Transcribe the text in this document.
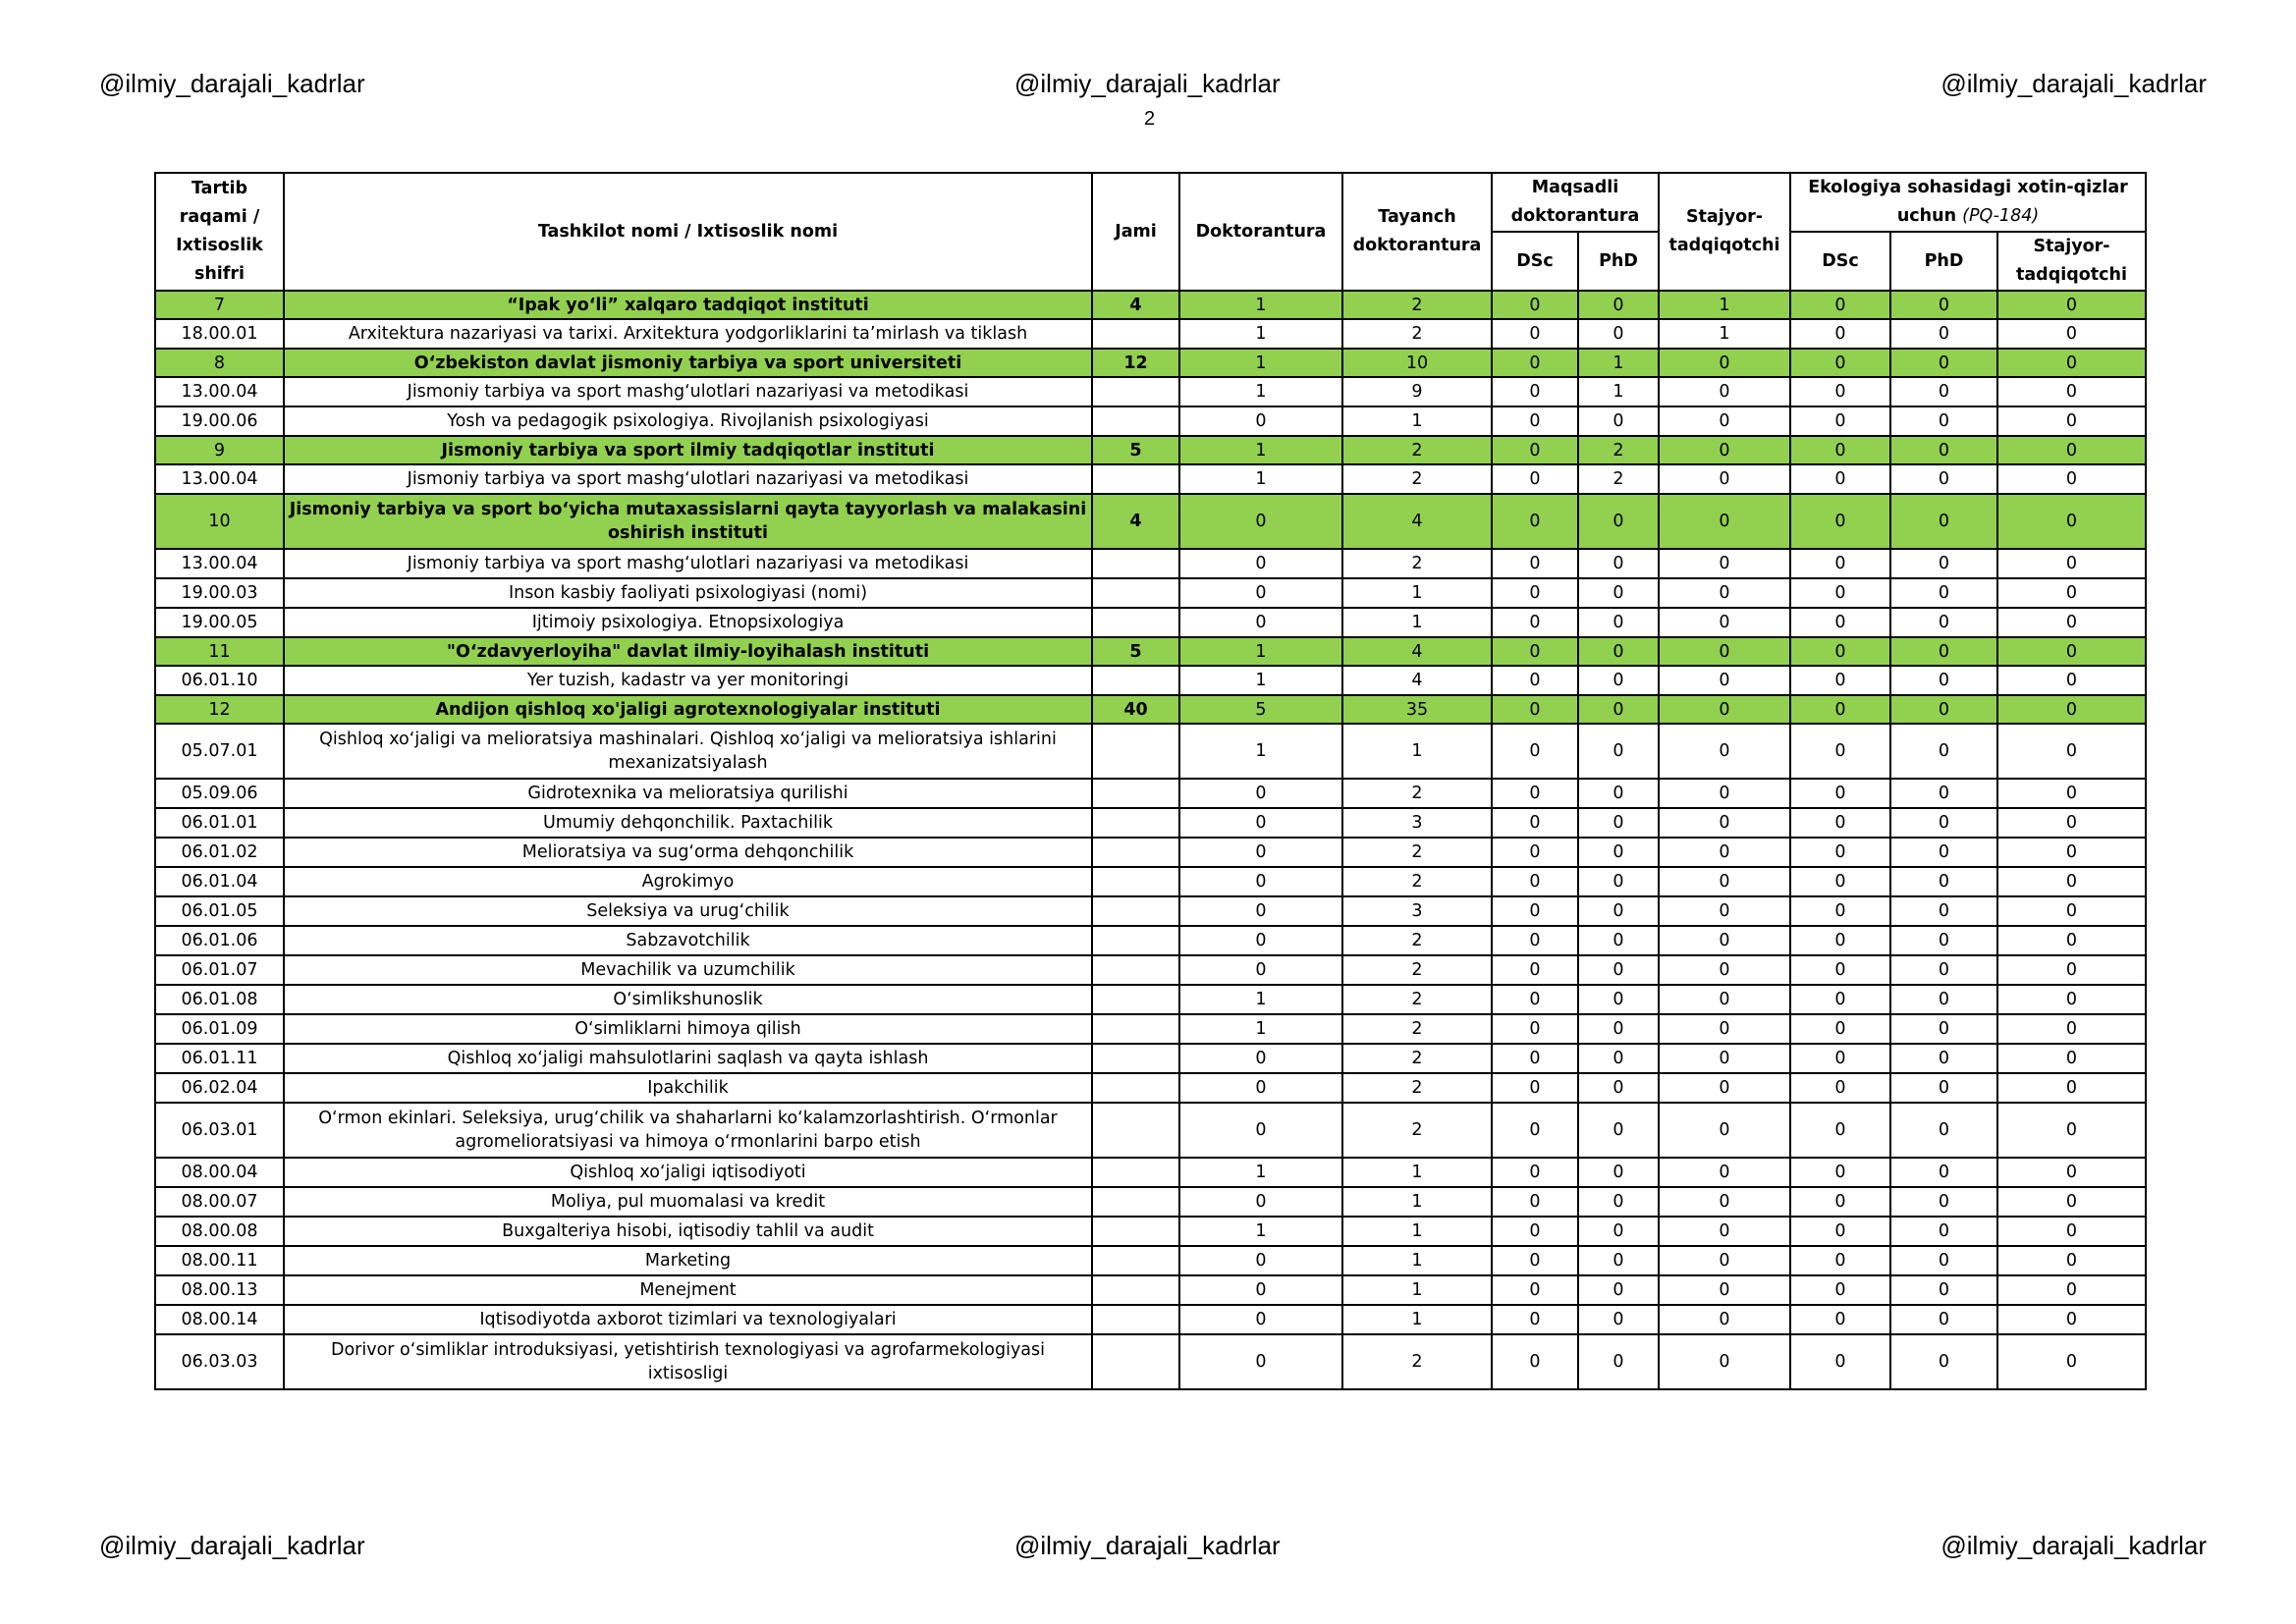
@ilmiy_darajali_kadrlar	@ilmiy_darajali_kadrlar	@ilmiy_darajali_kadrlar
2
Tartib raqami / Ixtisoslik shifri	Tashkilot nomi / Ixtisoslik nomi	Jami	Doktorantura	Tayanch doktorantura	Maqsadli doktorantura		Stajyor-tadqiqotchi	Ekologiya sohasidagi xotin-qizlar uchun (PQ-184)		
					DSc	PhD		DSc	PhD	Stajyor-tadqiqotchi
7	“Ipak yo‘li” xalqaro tadqiqot instituti	4	1	2	0	0	1	0	0	0
18.00.01	Arxitektura nazariyasi va tarixi. Arxitektura yodgorliklarini ta’mirlash va tiklash		1	2	0	0	1	0	0	0
8	O‘zbekiston davlat jismoniy tarbiya va sport universiteti	12	1	10	0	1	0	0	0	0
13.00.04	Jismoniy tarbiya va sport mashg‘ulotlari nazariyasi va metodikasi		1	9	0	1	0	0	0	0
19.00.06	Yosh va pedagogik psixologiya. Rivojlanish psixologiyasi		0	1	0	0	0	0	0	0
9	Jismoniy tarbiya va sport ilmiy tadqiqotlar instituti	5	1	2	0	2	0	0	0	0
13.00.04	Jismoniy tarbiya va sport mashg‘ulotlari nazariyasi va metodikasi		1	2	0	2	0	0	0	0
10	Jismoniy tarbiya va sport bo‘yicha mutaxassislarni qayta tayyorlash va malakasini oshirish instituti	4	0	4	0	0	0	0	0	0
13.00.04	Jismoniy tarbiya va sport mashg‘ulotlari nazariyasi va metodikasi		0	2	0	0	0	0	0	0
19.00.03	Inson kasbiy faoliyati psixologiyasi (nomi)		0	1	0	0	0	0	0	0
19.00.05	Ijtimoiy psixologiya. Etnopsixologiya		0	1	0	0	0	0	0	0
11	"O‘zdavyerloyiha" davlat ilmiy-loyihalash instituti	5	1	4	0	0	0	0	0	0
06.01.10	Yer tuzish, kadastr va yer monitoringi		1	4	0	0	0	0	0	0
12	Andijon qishloq xo'jaligi agrotexnologiyalar instituti	40	5	35	0	0	0	0	0	0
05.07.01	Qishloq xo‘jaligi va melioratsiya mashinalari. Qishloq xo‘jaligi va melioratsiya ishlarini mexanizatsiyalash		1	1	0	0	0	0	0	0
05.09.06	Gidrotexnika va melioratsiya qurilishi		0	2	0	0	0	0	0	0
06.01.01	Umumiy dehqonchilik. Paxtachilik		0	3	0	0	0	0	0	0
06.01.02	Melioratsiya va sug‘orma dehqonchilik		0	2	0	0	0	0	0	0
06.01.04	Agrokimyo		0	2	0	0	0	0	0	0
06.01.05	Seleksiya va urug‘chilik		0	3	0	0	0	0	0	0
06.01.06	Sabzavotchilik		0	2	0	0	0	0	0	0
06.01.07	Mevachilik va uzumchilik		0	2	0	0	0	0	0	0
06.01.08	O‘simlikshunoslik		1	2	0	0	0	0	0	0
06.01.09	O‘simliklarni himoya qilish		1	2	0	0	0	0	0	0
06.01.11	Qishloq xo‘jaligi mahsulotlarini saqlash va qayta ishlash		0	2	0	0	0	0	0	0
06.02.04	Ipakchilik		0	2	0	0	0	0	0	0
06.03.01	O‘rmon ekinlari. Seleksiya, urug‘chilik va shaharlarni ko‘kalamzorlashtirish. O‘rmonlar agromelioratsiyasi va himoya o‘rmonlarini barpo etish		0	2	0	0	0	0	0	0
08.00.04	Qishloq xo‘jaligi iqtisodiyoti		1	1	0	0	0	0	0	0
08.00.07	Moliya, pul muomalasi va kredit		0	1	0	0	0	0	0	0
08.00.08	Buxgalteriya hisobi, iqtisodiy tahlil va audit		1	1	0	0	0	0	0	0
08.00.11	Marketing		0	1	0	0	0	0	0	0
08.00.13	Menejment		0	1	0	0	0	0	0	0
08.00.14	Iqtisodiyotda axborot tizimlari va texnologiyalari		0	1	0	0	0	0	0	0
06.03.03	Dorivor o‘simliklar introduksiyasi, yetishtirish texnologiyasi va agrofarmekologiyasi ixtisosligi		0	2	0	0	0	0	0	0
@ilmiy_darajali_kadrlar	@ilmiy_darajali_kadrlar	@ilmiy_darajali_kadrlar
